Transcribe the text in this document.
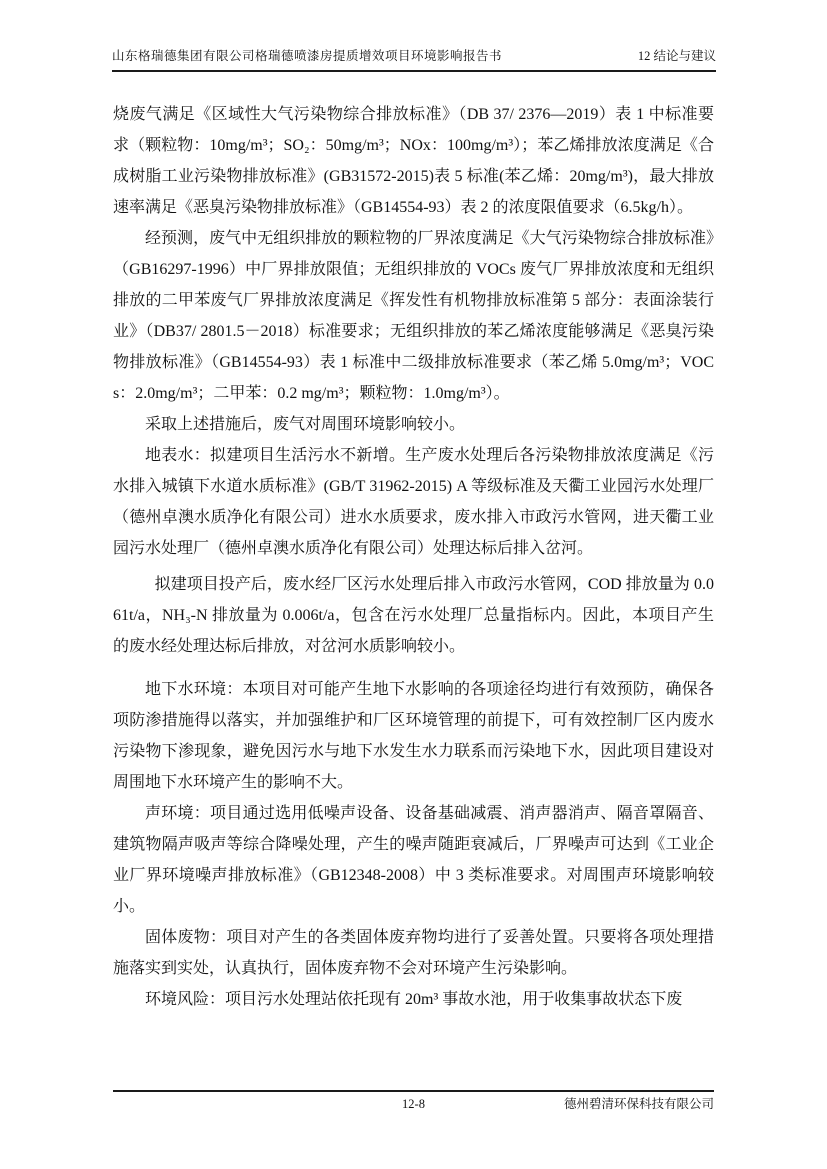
山东格瑞德集团有限公司格瑞德喷漆房提质增效项目环境影响报告书	12 结论与建议

烧废气满足《区域性大气污染物综合排放标准》（DB 37/ 2376—2019）表 1 中标准要求（颗粒物：10mg/m³；SO₂：50mg/m³；NOx：100mg/m³）；苯乙烯排放浓度满足《合成树脂工业污染物排放标准》(GB31572-2015)表 5 标准(苯乙烯：20mg/m³)，最大排放速率满足《恶臭污染物排放标准》（GB14554-93）表 2 的浓度限值要求（6.5kg/h）。

经预测，废气中无组织排放的颗粒物的厂界浓度满足《大气污染物综合排放标准》（GB16297-1996）中厂界排放限值；无组织排放的 VOCs 废气厂界排放浓度和无组织排放的二甲苯废气厂界排放浓度满足《挥发性有机物排放标准第 5 部分：表面涂装行业》（DB37/ 2801.5－2018）标准要求；无组织排放的苯乙烯浓度能够满足《恶臭污染物排放标准》（GB14554-93）表 1 标准中二级排放标准要求（苯乙烯 5.0mg/m³；VOCs：2.0mg/m³；二甲苯：0.2 mg/m³；颗粒物：1.0mg/m³）。

采取上述措施后，废气对周围环境影响较小。

地表水：拟建项目生活污水不新增。生产废水处理后各污染物排放浓度满足《污水排入城镇下水道水质标准》(GB/T 31962-2015) A 等级标准及天衢工业园污水处理厂（德州卓澳水质净化有限公司）进水水质要求，废水排入市政污水管网，进天衢工业园污水处理厂（德州卓澳水质净化有限公司）处理达标后排入岔河。

拟建项目投产后，废水经厂区污水处理后排入市政污水管网，COD 排放量为 0.061t/a，NH₃-N 排放量为 0.006t/a，包含在污水处理厂总量指标内。因此，本项目产生的废水经处理达标后排放，对岔河水质影响较小。

地下水环境：本项目对可能产生地下水影响的各项途径均进行有效预防，确保各项防渗措施得以落实，并加强维护和厂区环境管理的前提下，可有效控制厂区内废水污染物下渗现象，避免因污水与地下水发生水力联系而污染地下水，因此项目建设对周围地下水环境产生的影响不大。

声环境：项目通过选用低噪声设备、设备基础减震、消声器消声、隔音罩隔音、建筑物隔声吸声等综合降噪处理，产生的噪声随距衰减后，厂界噪声可达到《工业企业厂界环境噪声排放标准》（GB12348-2008）中 3 类标准要求。对周围声环境影响较小。

固体废物：项目对产生的各类固体废弃物均进行了妥善处置。只要将各项处理措施落实到实处，认真执行，固体废弃物不会对环境产生污染影响。

环境风险：项目污水处理站依托现有 20m³ 事故水池，用于收集事故状态下废

12-8	德州碧清环保科技有限公司
